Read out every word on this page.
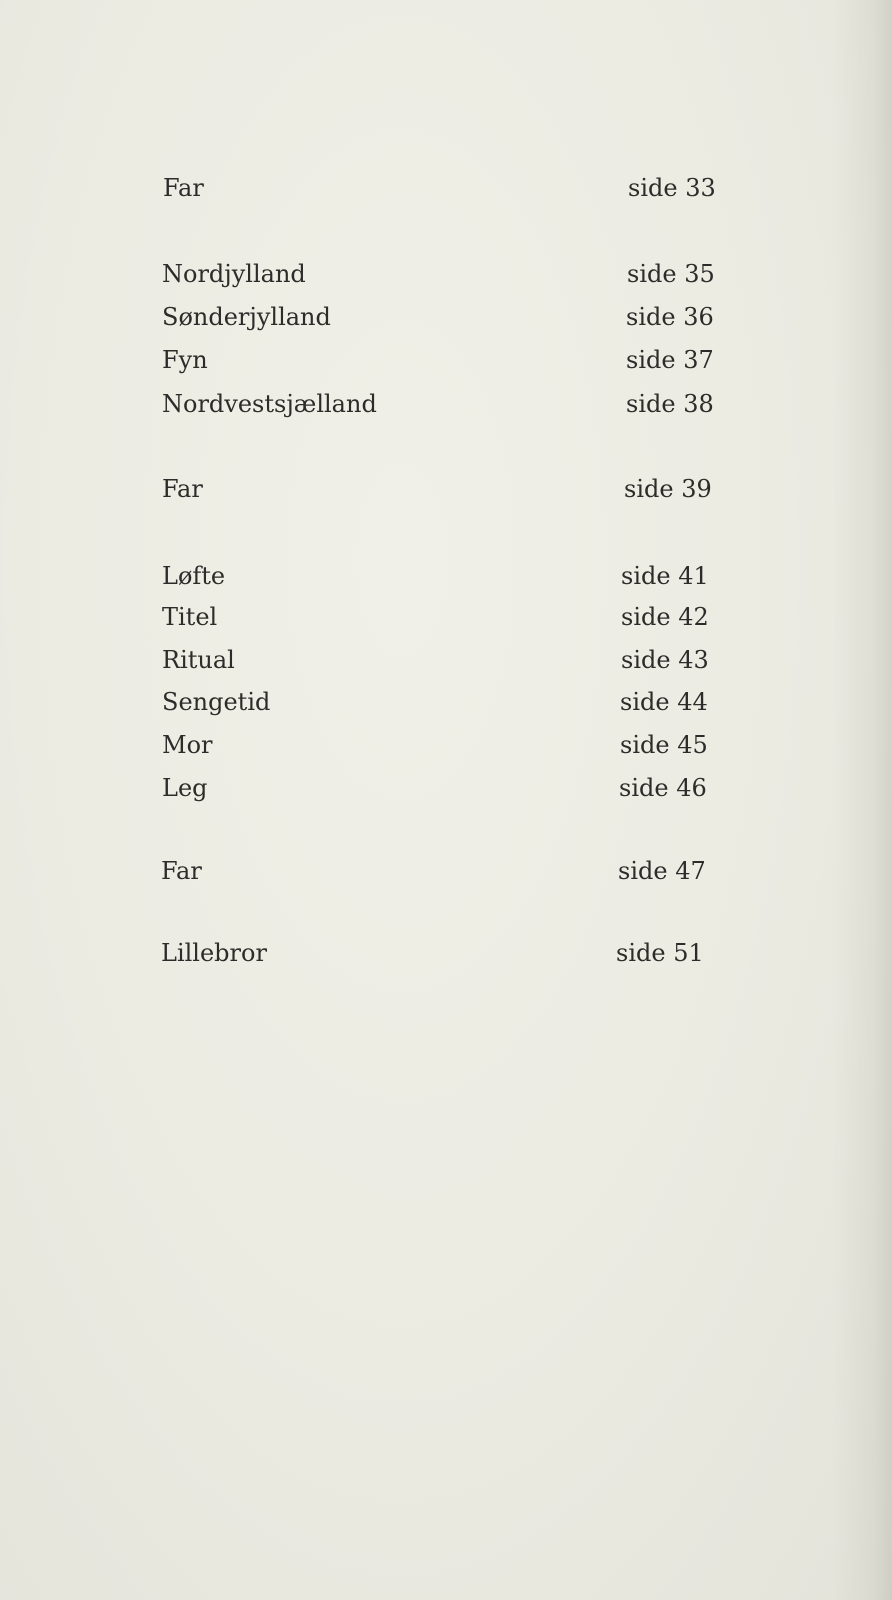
Far	side 33
Nordjylland	side 35
Sønderjylland	side 36
Fyn	side 37
Nordvestsjælland	side 38
Far	side 39
Løfte	side 41
Titel	side 42
Ritual	side 43
Sengetid	side 44
Mor	side 45
Leg	side 46
Far	side 47
Lillebror	side 51
